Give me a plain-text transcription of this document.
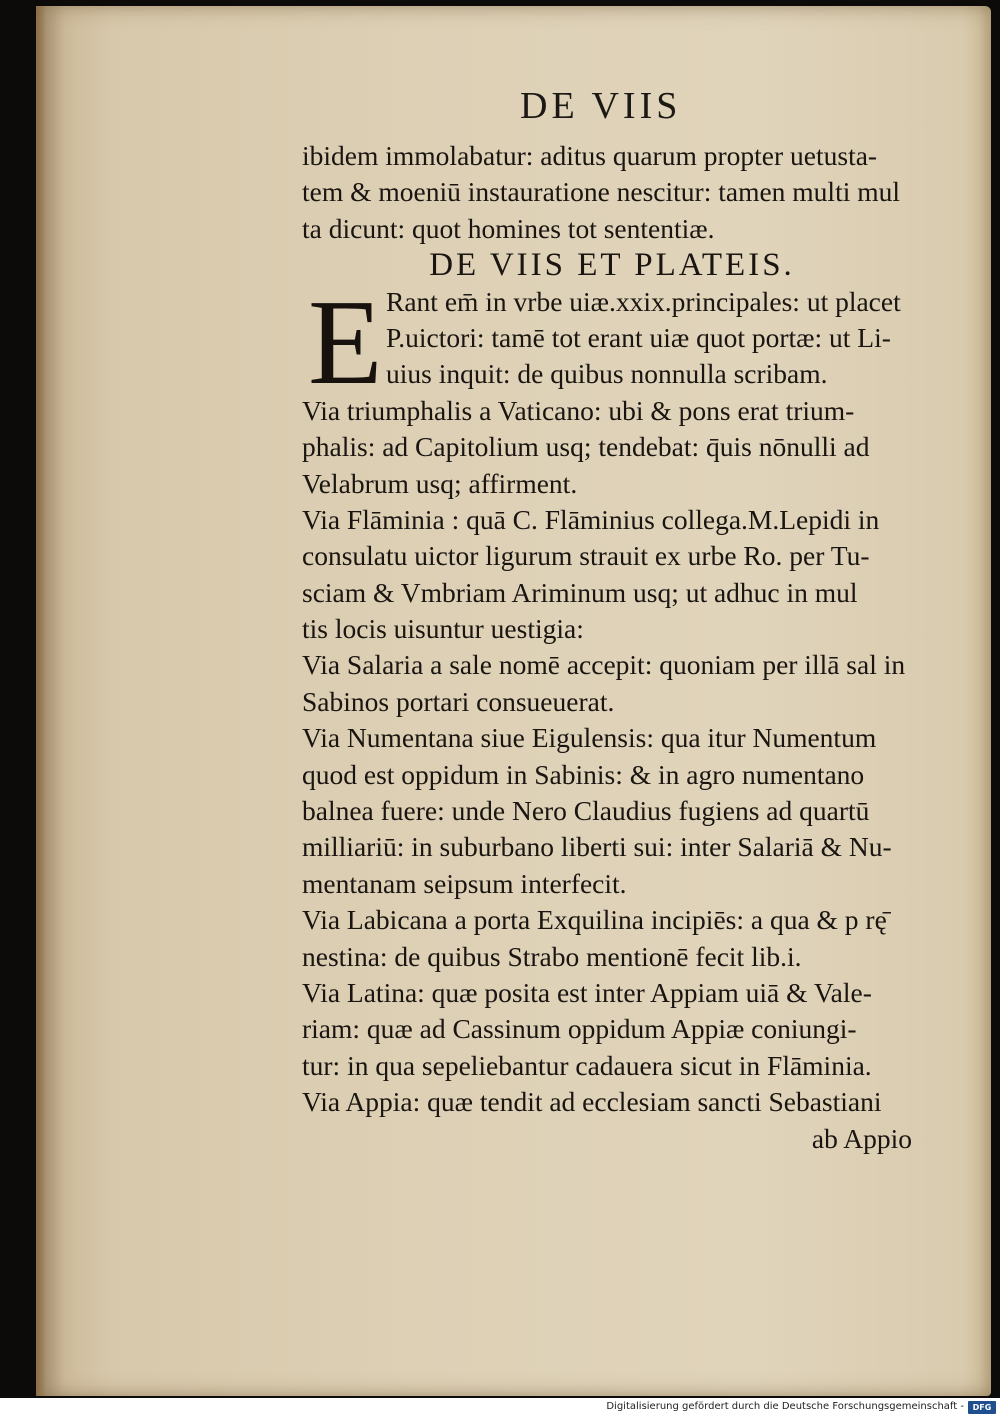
DE VIIS
ibidem immolabatur: aditus quarum propter uetusta-
tem & moeniū instauratione nescitur: tamen multi mul
ta dicunt: quot homines tot sententiæ.
DE VIIS ET PLATEIS.
E Rant em̄ in vrbe uiæ.xxix.principales: ut placet
P.uictori: tamē tot erant uiæ quot portæ: ut Li-
uius inquit: de quibus nonnulla scribam.
Via triumphalis a Vaticano: ubi & pons erat trium-
phalis: ad Capitolium usq; tendebat: q̄uis nōnulli ad
Velabrum usq; affirment.
Via Flāminia : quā C. Flāminius collega.M.Lepidi in
consulatu uictor ligurum strauit ex urbe Ro. per Tu-
sciam & Vmbriam Ariminum usq; ut adhuc in mul
tis locis uisuntur uestigia:
Via Salaria a sale nomē accepit: quoniam per illā sal in
Sabinos portari consueuerat.
Via Numentana siue Eigulensis: qua itur Numentum
quod est oppidum in Sabinis: & in agro numentano
balnea fuere: unde Nero Claudius fugiens ad quartū
milliariū: in suburbano liberti sui: inter Salariā & Nu-
mentanam seipsum interfecit.
Via Labicana a porta Exquilina incipiēs: a qua & p rę̄
nestina: de quibus Strabo mentionē fecit lib.i.
Via Latina: quæ posita est inter Appiam uiā & Vale-
riam: quæ ad Cassinum oppidum Appiæ coniungi-
tur: in qua sepeliebantur cadauera sicut in Flāminia.
Via Appia: quæ tendit ad ecclesiam sancti Sebastiani
ab Appio
Digitalisierung gefördert durch die Deutsche Forschungsgemeinschaft -	DFG
